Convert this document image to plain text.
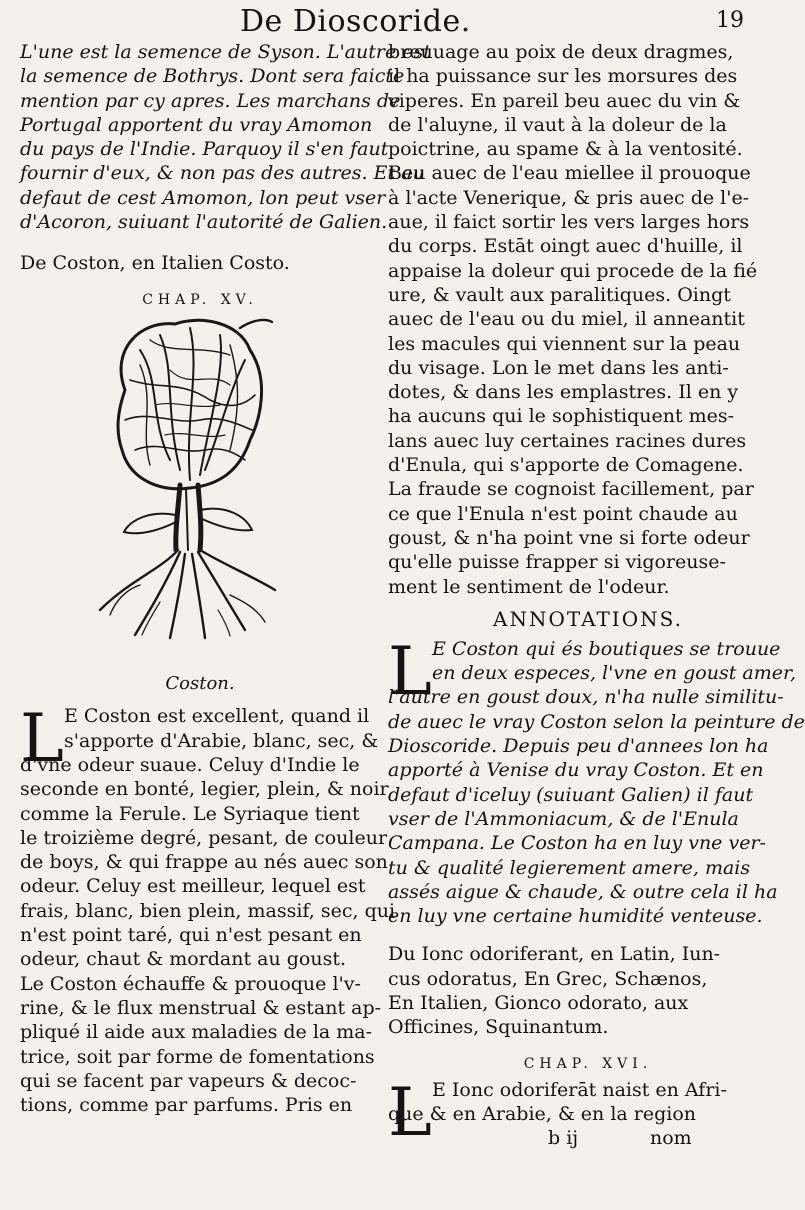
De Dioscoride.	19
L'une est la semence de Syson. L'autre est
la semence de Bothrys. Dont sera faicte
mention par cy apres. Les marchans de
Portugal apportent du vray Amomon
du pays de l'Indie. Parquoy il s'en faut
fournir d'eux, & non pas des autres. Et au
defaut de cest Amomon, lon peut vser
d'Acoron, suiuant l'autorité de Galien.
De Coston, en Italien Costo.
CHAP. XV.
Coston.
L E Coston est excellent, quand il
s'apporte d'Arabie, blanc, sec, &
d'vne odeur suaue. Celuy d'Indie le
seconde en bonté, legier, plein, & noir
comme la Ferule. Le Syriaque tient
le troizième degré, pesant, de couleur
de boys, & qui frappe au nés auec son
odeur. Celuy est meilleur, lequel est
frais, blanc, bien plein, massif, sec, qui
n'est point taré, qui n'est pesant en
odeur, chaut & mordant au goust.
Le Coston échauffe & prouoque l'v-
rine, & le flux menstrual & estant ap-
pliqué il aide aux maladies de la ma-
trice, soit par forme de fomentations
qui se facent par vapeurs & decoc-
tions, comme par parfums. Pris en
breuuage au poix de deux dragmes,
il ha puissance sur les morsures des
viperes. En pareil beu auec du vin &
de l'aluyne, il vaut à la doleur de la
poictrine, au spame & à la ventosité.
Beu auec de l'eau miellee il prouoque
à l'acte Venerique, & pris auec de l'e-
aue, il faict sortir les vers larges hors
du corps. Estāt oingt auec d'huille, il
appaise la doleur qui procede de la fié
ure, & vault aux paralitiques. Oingt
auec de l'eau ou du miel, il anneantit
les macules qui viennent sur la peau
du visage. Lon le met dans les anti-
dotes, & dans les emplastres. Il en y
ha aucuns qui le sophistiquent mes-
lans auec luy certaines racines dures
d'Enula, qui s'apporte de Comagene.
La fraude se cognoist facillement, par
ce que l'Enula n'est point chaude au
goust, & n'ha point vne si forte odeur
qu'elle puisse frapper si vigoreuse-
ment le sentiment de l'odeur.
ANNOTATIONS.
L E Coston qui és boutiques se trouue
en deux especes, l'vne en goust amer,
l'autre en goust doux, n'ha nulle similitu-
de auec le vray Coston selon la peinture de
Dioscoride. Depuis peu d'annees lon ha
apporté à Venise du vray Coston. Et en
defaut d'iceluy (suiuant Galien) il faut
vser de l'Ammoniacum, & de l'Enula
Campana. Le Coston ha en luy vne ver-
tu & qualité legierement amere, mais
assés aigue & chaude, & outre cela il ha
en luy vne certaine humidité venteuse.
Du Ionc odoriferant, en Latin, Iun-
cus odoratus, En Grec, Schænos,
En Italien, Gionco odorato, aux
Officines, Squinantum.
CHAP. XVI.
L E Ionc odoriferāt naist en Afri-
que & en Arabie, & en la region
b ij	nom
